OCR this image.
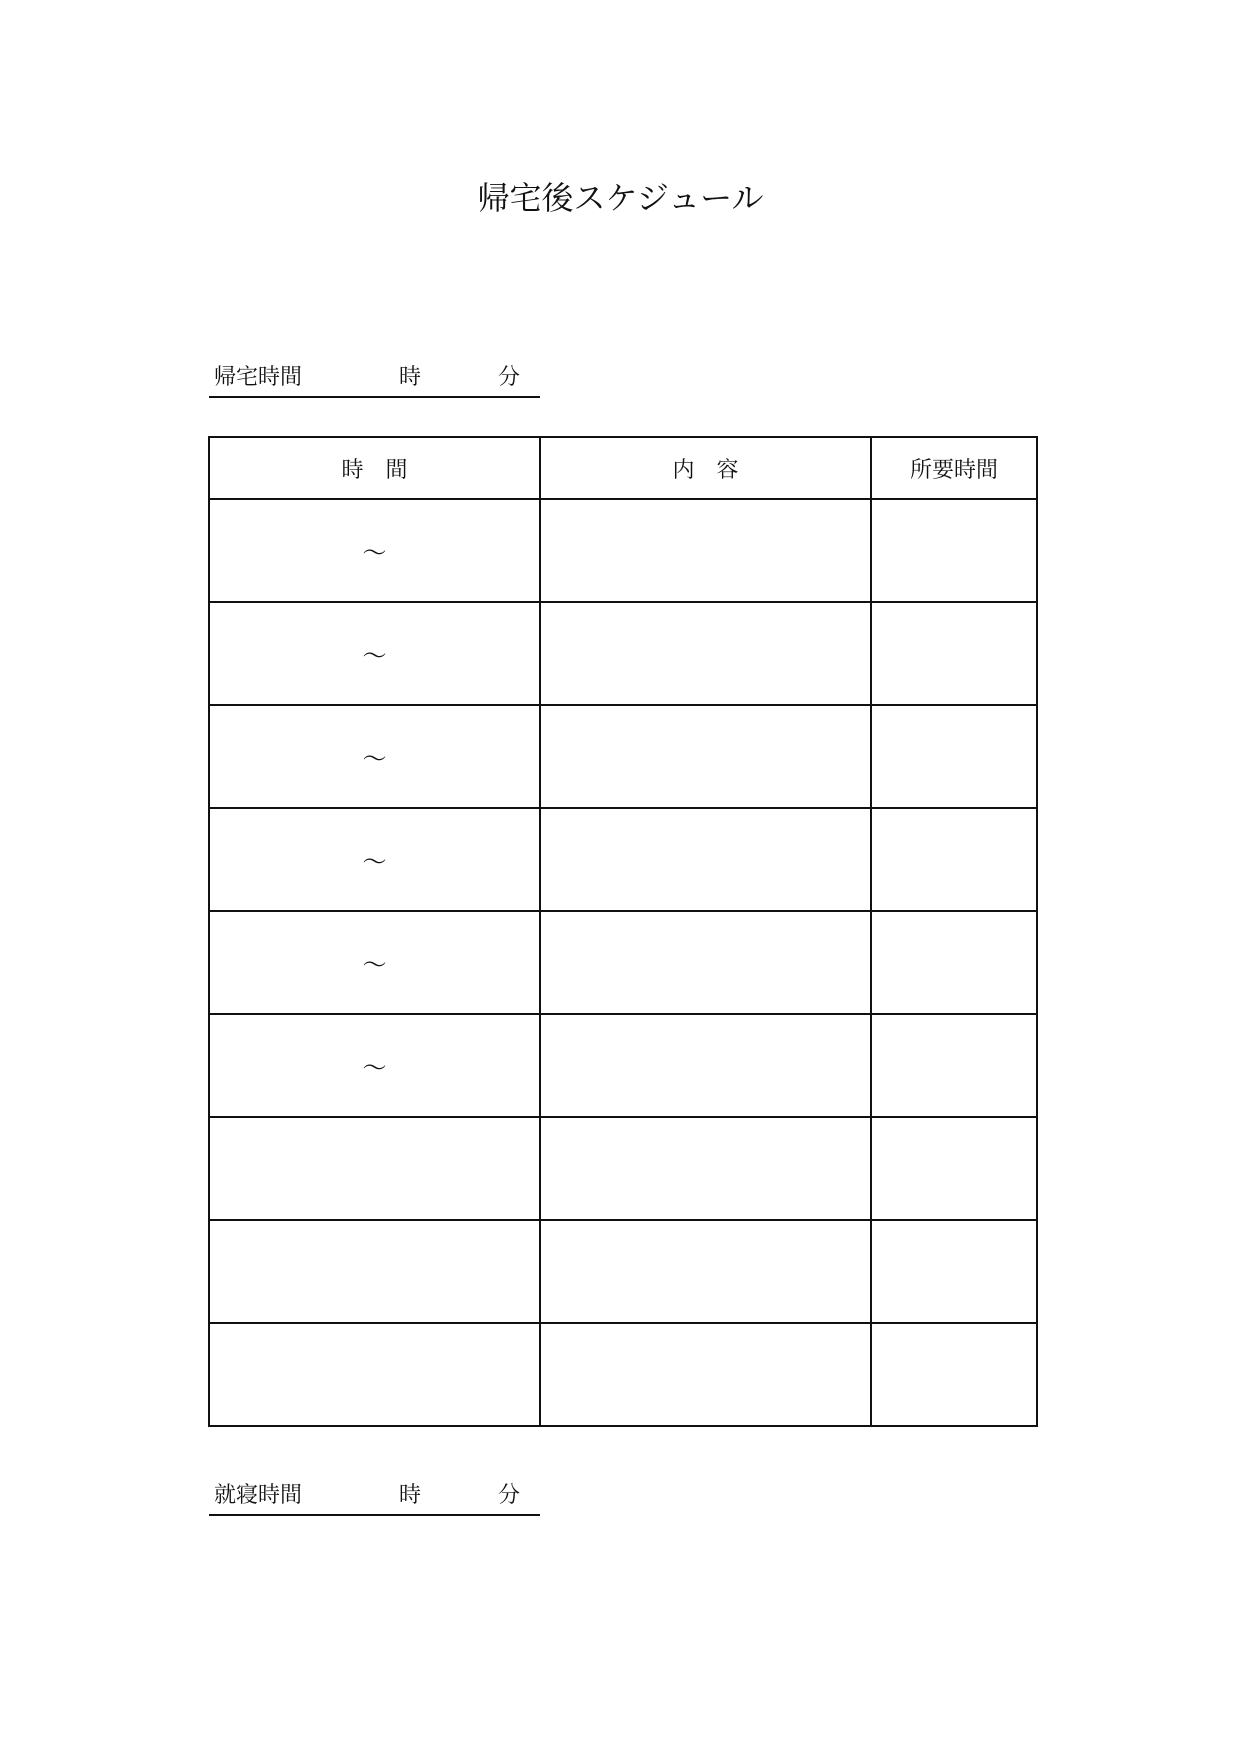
帰宅後スケジュール
帰宅時間	時	分
時　間	内　容	所要時間
～		
～		
～		
～		
～		
～		

就寝時間	時	分
